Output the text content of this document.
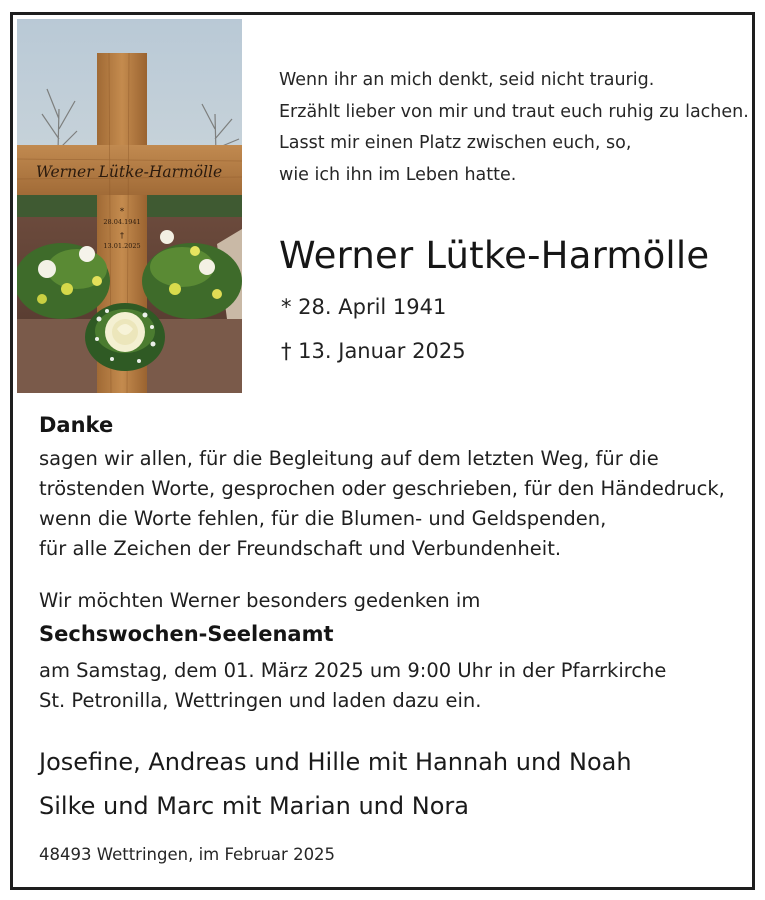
Werner Lütke-Harmölle
*
28.04.1941
†
13.01.2025
Wenn ihr an mich denkt, seid nicht traurig.
Erzählt lieber von mir und traut euch ruhig zu lachen.
Lasst mir einen Platz zwischen euch, so,
wie ich ihn im Leben hatte.
Werner Lütke-Harmölle
* 28. April 1941
† 13. Januar 2025
Danke
sagen wir allen, für die Begleitung auf dem letzten Weg, für die
tröstenden Worte, gesprochen oder geschrieben, für den Händedruck,
wenn die Worte fehlen, für die Blumen- und Geldspenden,
für alle Zeichen der Freundschaft und Verbundenheit.
Wir möchten Werner besonders gedenken im
Sechswochen-Seelenamt
am Samstag, dem 01. März 2025 um 9:00 Uhr in der Pfarrkirche
St. Petronilla, Wettringen und laden dazu ein.
Josefine, Andreas und Hille mit Hannah und Noah
Silke und Marc mit Marian und Nora
48493 Wettringen, im Februar 2025
